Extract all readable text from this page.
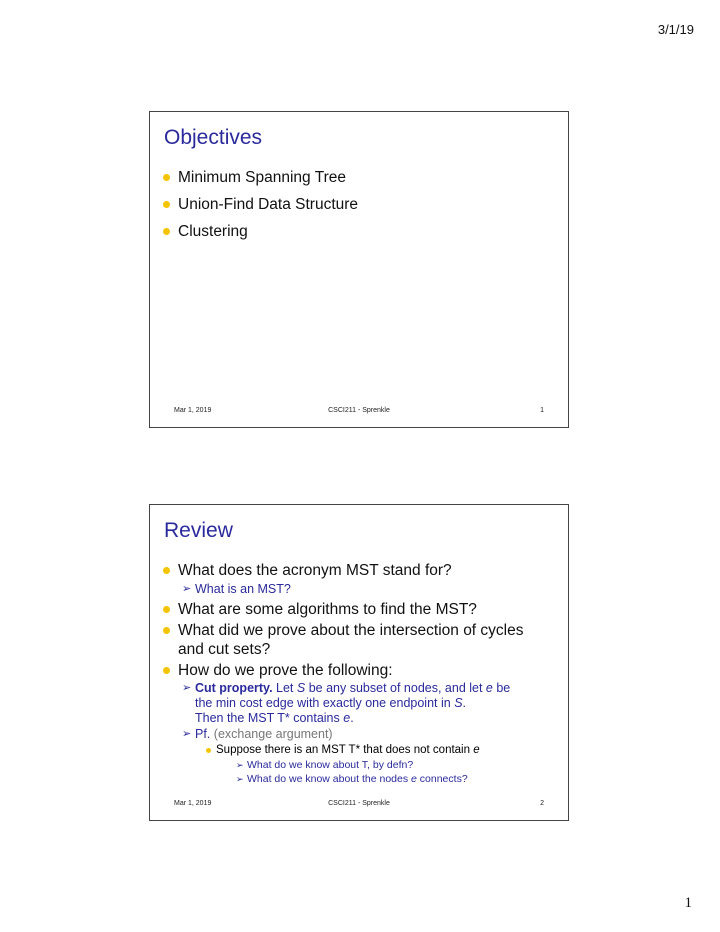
3/1/19
Objectives
Minimum Spanning Tree
Union-Find Data Structure
Clustering
Mar 1, 2019	CSCI211 - Sprenkle	1
Review
What does the acronym MST stand for?
➢ What is an MST?
What are some algorithms to find the MST?
What did we prove about the intersection of cycles
and cut sets?
How do we prove the following:
➢ Cut property. Let S be any subset of nodes, and let e be
the min cost edge with exactly one endpoint in S.
Then the MST T* contains e.
➢ Pf. (exchange argument)
Suppose there is an MST T* that does not contain e
➢ What do we know about T, by defn?
➢ What do we know about the nodes e connects?
Mar 1, 2019	CSCI211 - Sprenkle	2
1
